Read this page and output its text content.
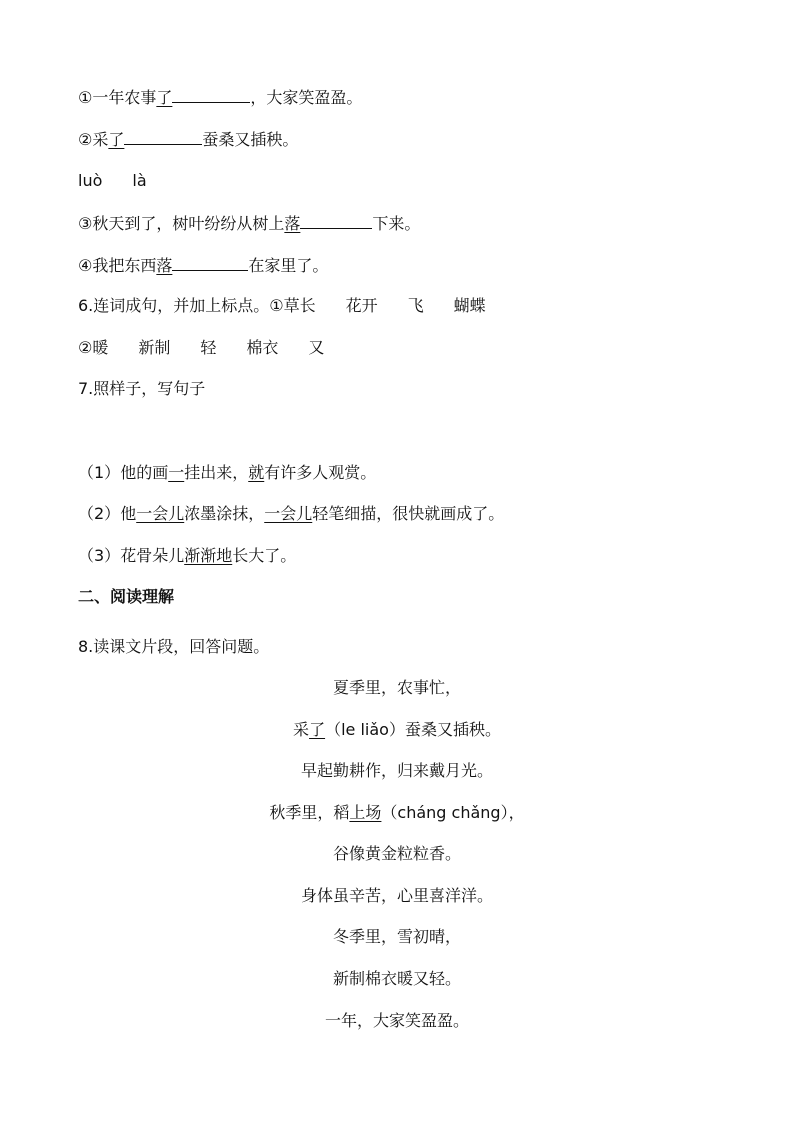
①一年农事了	，大家笑盈盈。
②采了	蚕桑又插秧。
luò là
③秋天到了，树叶纷纷从树上落	下来。
④我把东西落	在家里了。
6.连词成句，并加上标点。①草长 花开 飞 蝴蝶
②暖 新制 轻 棉衣 又
7.照样子，写句子
（1）他的画一挂出来，就有许多人观赏。
（2）他一会儿浓墨涂抹，一会儿轻笔细描，很快就画成了。
（3）花骨朵儿渐渐地长大了。
二、阅读理解
8.读课文片段，回答问题。
夏季里，农事忙，
采了（le liǎo）蚕桑又插秧。
早起勤耕作，归来戴月光。
秋季里，稻上场（cháng chǎng），
谷像黄金粒粒香。
身体虽辛苦，心里喜洋洋。
冬季里，雪初晴，
新制棉衣暖又轻。
一年，大家笑盈盈。
